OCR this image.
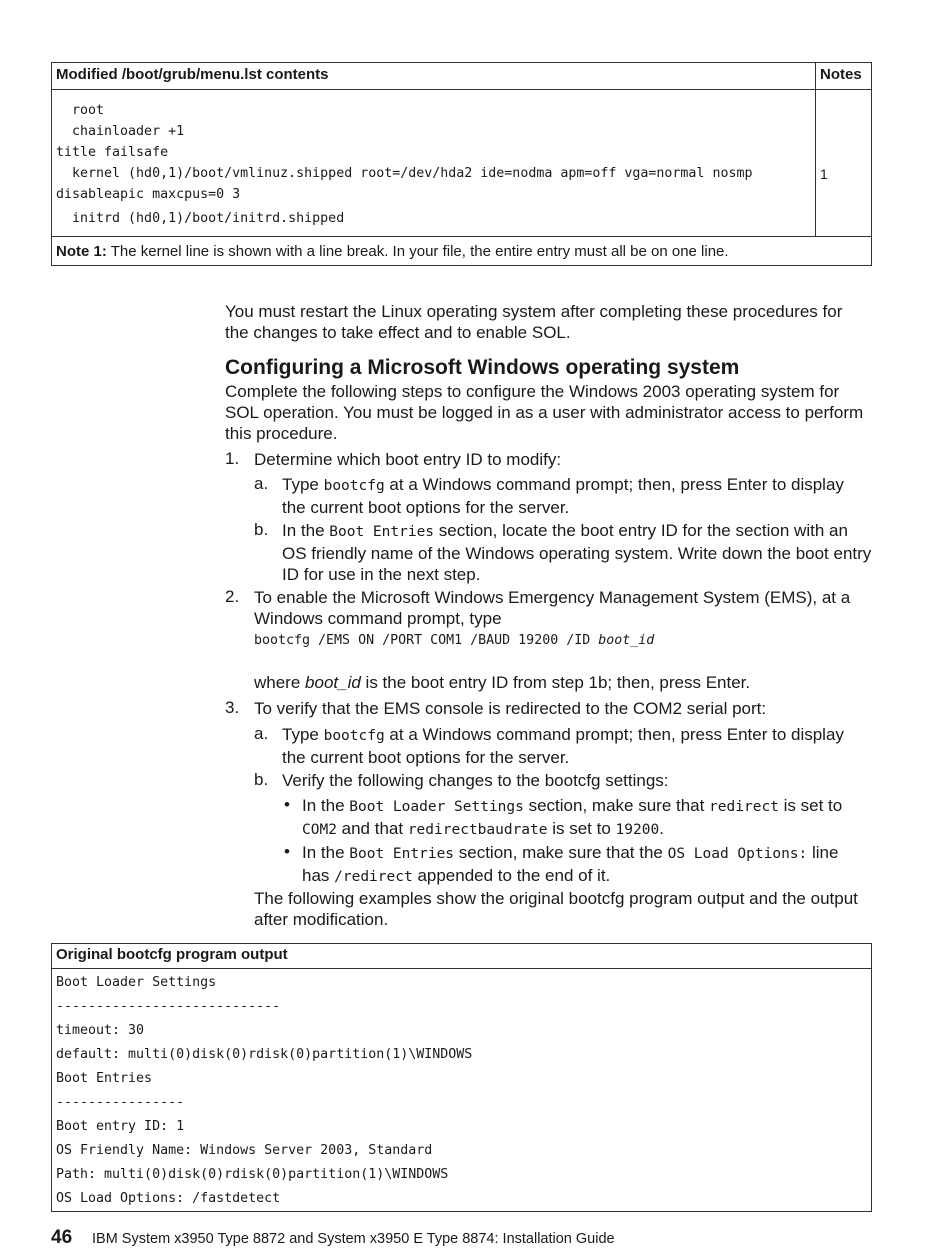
Modified /boot/grub/menu.lst contents	Notes
root
chainloader +1
title failsafe
kernel (hd0,1)/boot/vmlinuz.shipped root=/dev/hda2 ide=nodma apm=off vga=normal nosmp
disableapic maxcpus=0 3
initrd (hd0,1)/boot/initrd.shipped
1
Note 1: The kernel line is shown with a line break. In your file, the entire entry must all be on one line.
You must restart the Linux operating system after completing these procedures for the changes to take effect and to enable SOL.
Configuring a Microsoft Windows operating system
Complete the following steps to configure the Windows 2003 operating system for SOL operation. You must be logged in as a user with administrator access to perform this procedure.
1. Determine which boot entry ID to modify:
a. Type bootcfg at a Windows command prompt; then, press Enter to display the current boot options for the server.
b. In the Boot Entries section, locate the boot entry ID for the section with an OS friendly name of the Windows operating system. Write down the boot entry ID for use in the next step.
2. To enable the Microsoft Windows Emergency Management System (EMS), at a Windows command prompt, type
bootcfg /EMS ON /PORT COM1 /BAUD 19200 /ID boot_id
where boot_id is the boot entry ID from step 1b; then, press Enter.
3. To verify that the EMS console is redirected to the COM2 serial port:
a. Type bootcfg at a Windows command prompt; then, press Enter to display the current boot options for the server.
b. Verify the following changes to the bootcfg settings:
• In the Boot Loader Settings section, make sure that redirect is set to COM2 and that redirectbaudrate is set to 19200.
• In the Boot Entries section, make sure that the OS Load Options: line has /redirect appended to the end of it.
The following examples show the original bootcfg program output and the output after modification.
Original bootcfg program output
Boot Loader Settings
----------------------------
timeout: 30
default: multi(0)disk(0)rdisk(0)partition(1)\WINDOWS
Boot Entries
----------------
Boot entry ID: 1
OS Friendly Name: Windows Server 2003, Standard
Path: multi(0)disk(0)rdisk(0)partition(1)\WINDOWS
OS Load Options: /fastdetect
46 IBM System x3950 Type 8872 and System x3950 E Type 8874: Installation Guide
